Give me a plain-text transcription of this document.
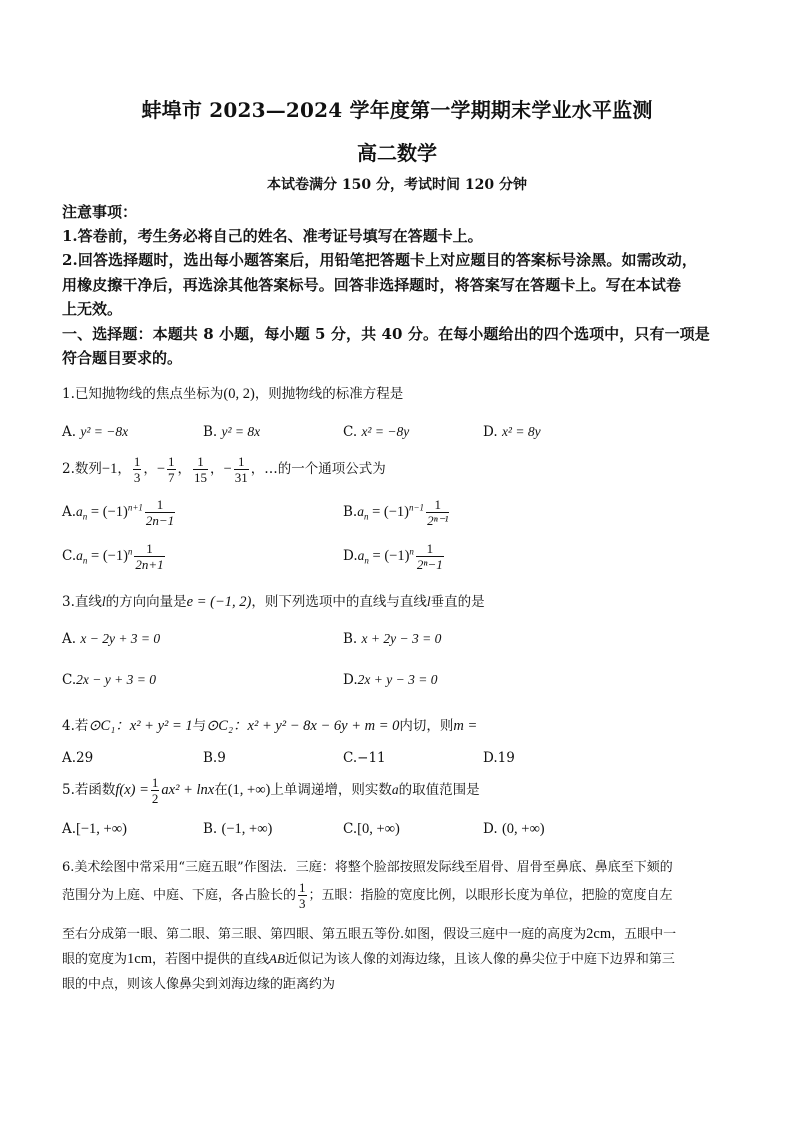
蚌埠市 2023—2024 学年度第一学期期末学业水平监测
高二数学
本试卷满分 150 分，考试时间 120 分钟
注意事项：
1.答卷前，考生务必将自己的姓名、准考证号填写在答题卡上。
2.回答选择题时，选出每小题答案后，用铅笔把答题卡上对应题目的答案标号涂黑。如需改动，
用橡皮擦干净后，再选涂其他答案标号。回答非选择题时，将答案写在答题卡上。写在本试卷
上无效。
一、选择题：本题共 8 小题，每小题 5 分，共 40 分。在每小题给出的四个选项中，只有一项是
符合题目要求的。
1.已知抛物线的焦点坐标为(0, 2)，则抛物线的标准方程是
A. y² = −8x	B. y² = 8x	C. x² = −8y	D. x² = 8y
2.数列−1， $\frac{1}{3}$ ，− $\frac{1}{7}$ ， $\frac{1}{15}$ ，− $\frac{1}{31}$ ，…的一个通项公式为
$A.a_n = (-1)^{n+1} \frac{1}{2n-1}$	$B.a_n = (-1)^{n-1} \frac{1}{\text{2ⁿ⁻¹}}$
$C.a_n = (-1)^n \frac{1}{2n+1}$	$D.a_n = (-1)^n \frac{1}{\text{2ⁿ−1}}$
3.直线l的方向向量是e = (−1, 2)，则下列选项中的直线与直线l垂直的是
A. x − 2y + 3 = 0	B. x + 2y − 3 = 0
C.2x − y + 3 = 0	D.2x + y − 3 = 0
4.若⊙C₁：x² + y² = 1与⊙C₂：x² + y² − 8x − 6y + m = 0内切，则m =
A.29	B.9	C.−11	D.19
5.若函数$f(x) = \frac{1}{2} ax^2 + \ln x$在(1, +∞)上单调递增，则实数a的取值范围是
A.[−1, +∞)	B. (−1, +∞)	C.[0, +∞)	D. (0, +∞)
6.美术绘图中常采用“三庭五眼”作图法．三庭：将整个脸部按照发际线至眉骨、眉骨至鼻底、鼻底至下颏的
范围分为上庭、中庭、下庭，各占脸长的 $\frac{1}{3}$ ；五眼：指脸的宽度比例，以眼形长度为单位，把脸的宽度自左
至右分成第一眼、第二眼、第三眼、第四眼、第五眼五等份.如图，假设三庭中一庭的高度为2cm，五眼中一
眼的宽度为1cm，若图中提供的直线AB近似记为该人像的刘海边缘，且该人像的鼻尖位于中庭下边界和第三
眼的中点，则该人像鼻尖到刘海边缘的距离约为
